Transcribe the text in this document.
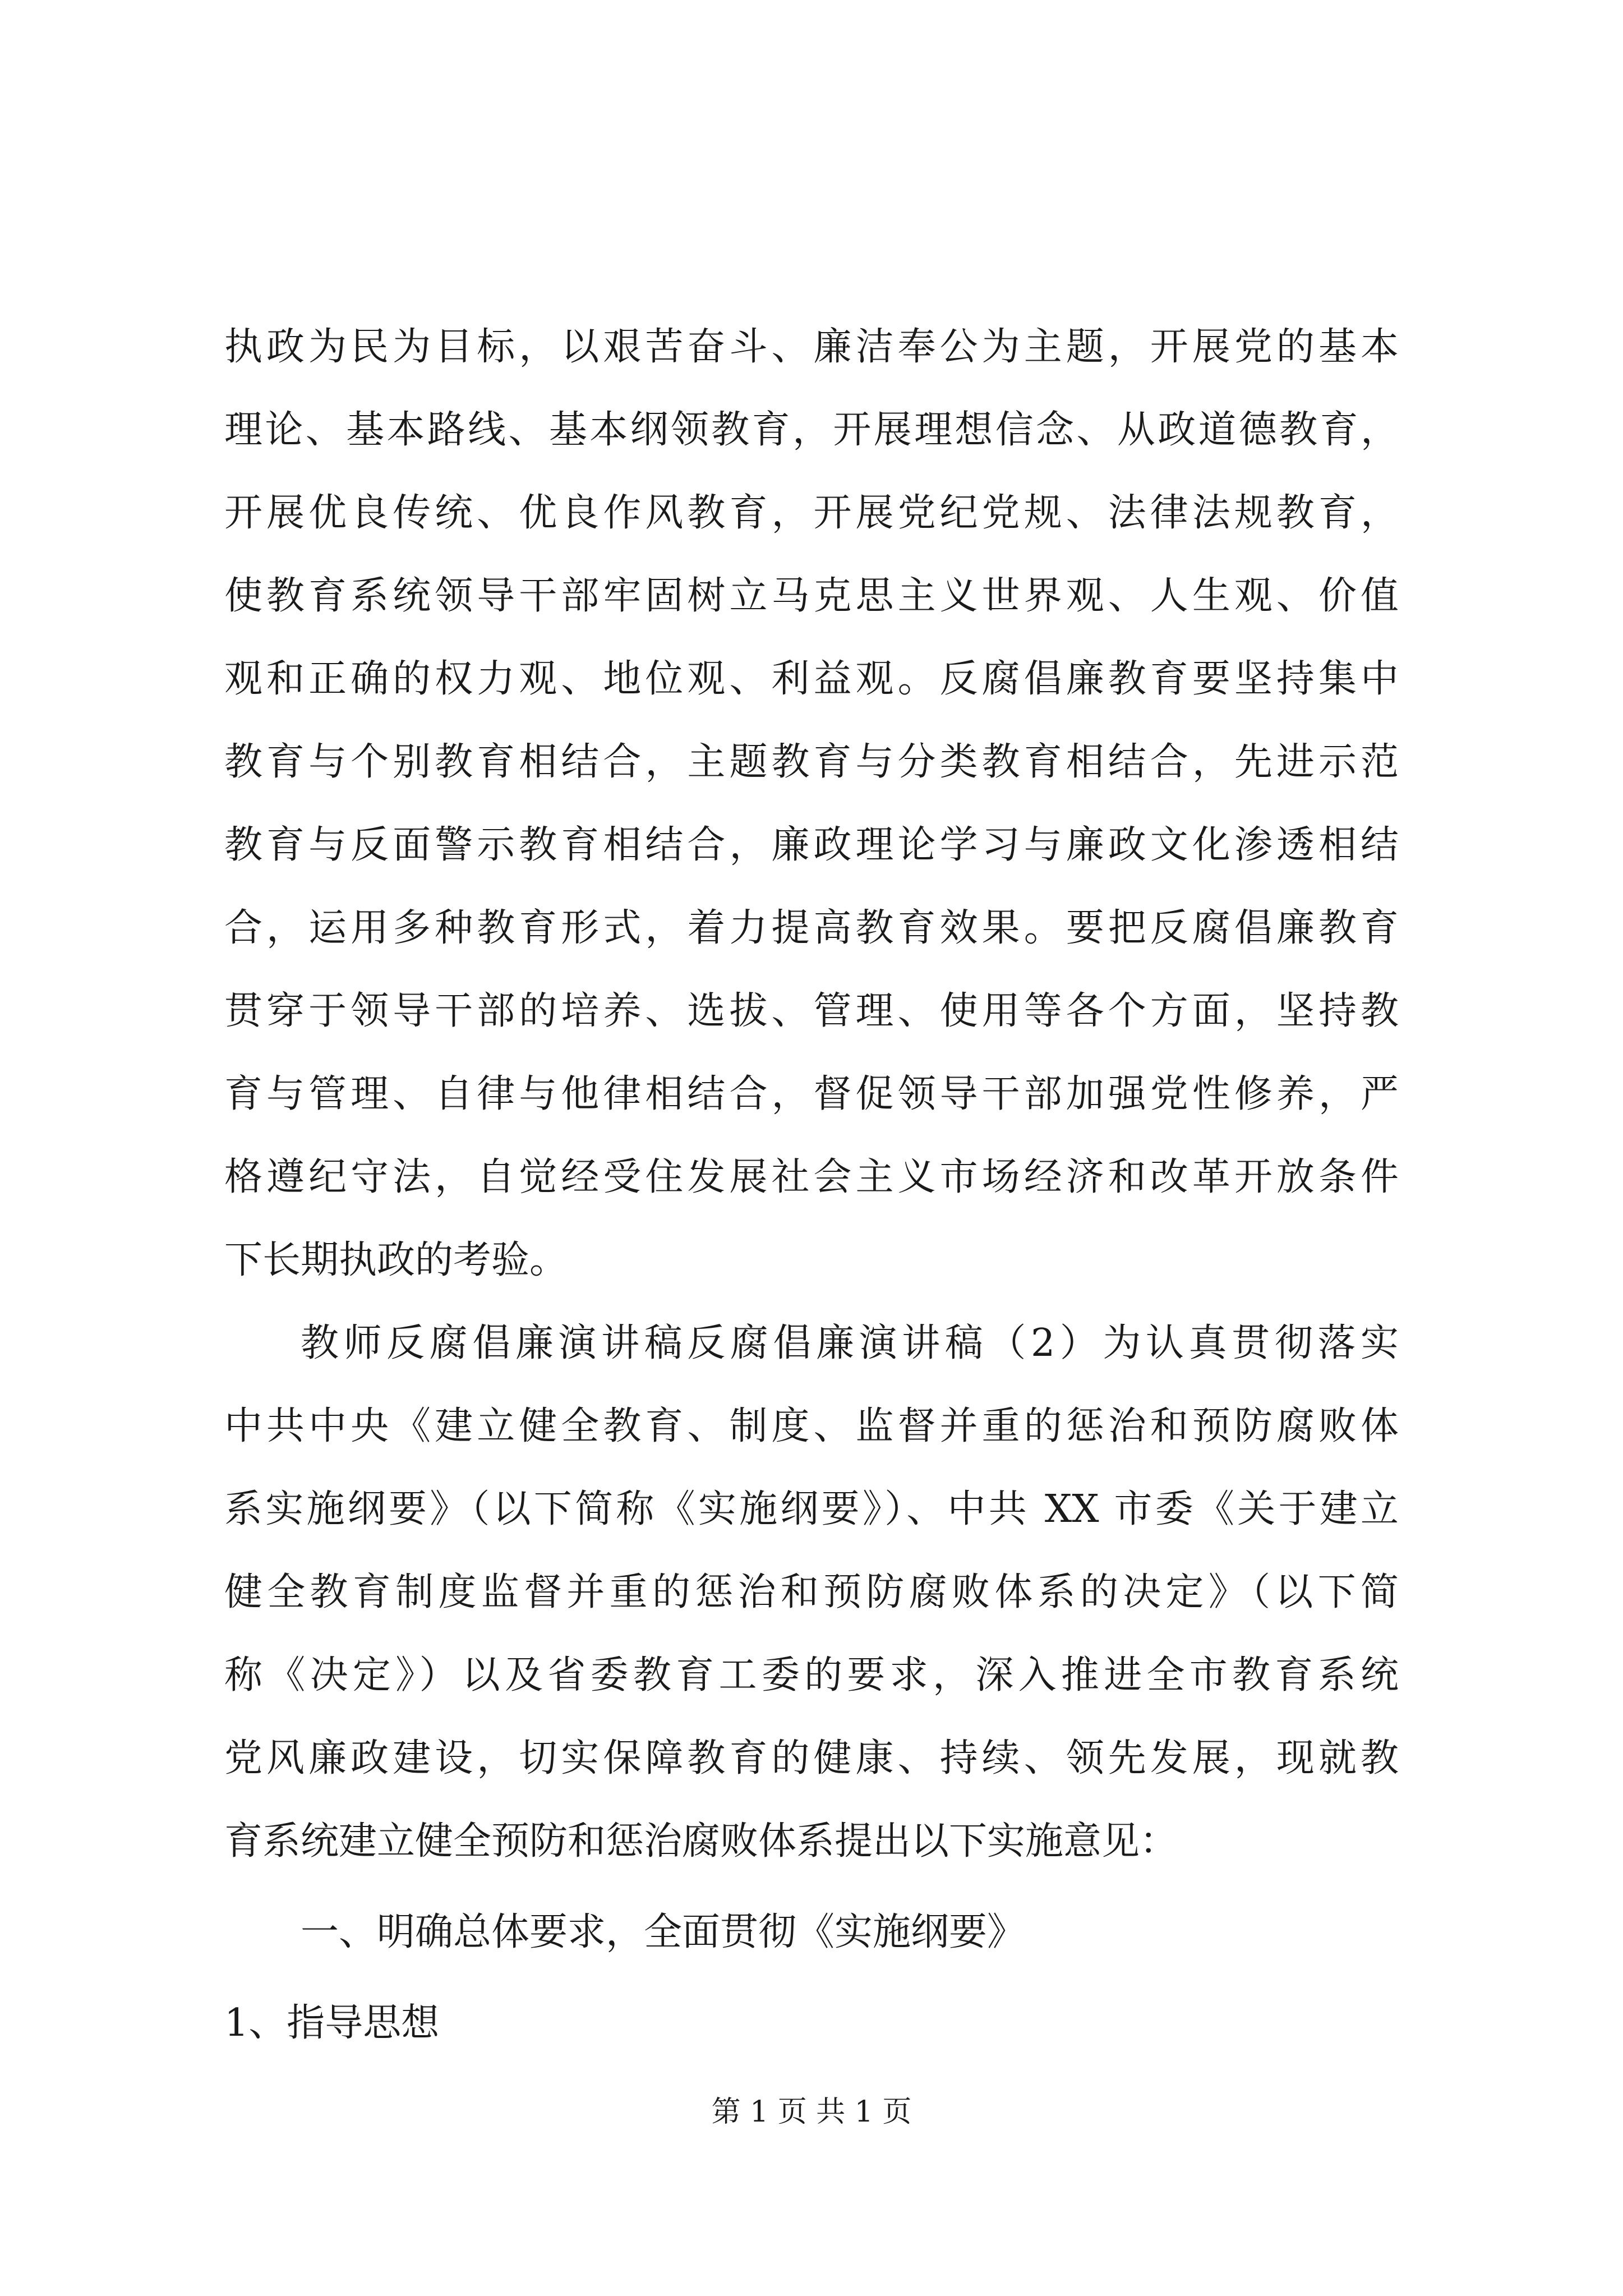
执政为民为目标，以艰苦奋斗、廉洁奉公为主题，开展党的基本
理论、基本路线、基本纲领教育，开展理想信念、从政道德教育，
开展优良传统、优良作风教育，开展党纪党规、法律法规教育，
使教育系统领导干部牢固树立马克思主义世界观、人生观、价值
观和正确的权力观、地位观、利益观。反腐倡廉教育要坚持集中
教育与个别教育相结合，主题教育与分类教育相结合，先进示范
教育与反面警示教育相结合，廉政理论学习与廉政文化渗透相结
合，运用多种教育形式，着力提高教育效果。要把反腐倡廉教育
贯穿于领导干部的培养、选拔、管理、使用等各个方面，坚持教
育与管理、自律与他律相结合，督促领导干部加强党性修养，严
格遵纪守法，自觉经受住发展社会主义市场经济和改革开放条件
下长期执政的考验。
教师反腐倡廉演讲稿反腐倡廉演讲稿（2）为认真贯彻落实
中共中央《建立健全教育、制度、监督并重的惩治和预防腐败体
系实施纲要》（以下简称《实施纲要》）、中共 XX 市委《关于建立
健全教育制度监督并重的惩治和预防腐败体系的决定》（以下简
称《决定》）以及省委教育工委的要求，深入推进全市教育系统
党风廉政建设，切实保障教育的健康、持续、领先发展，现就教
育系统建立健全预防和惩治腐败体系提出以下实施意见：
一、明确总体要求，全面贯彻《实施纲要》
1、指导思想
第 1 页 共 1 页
